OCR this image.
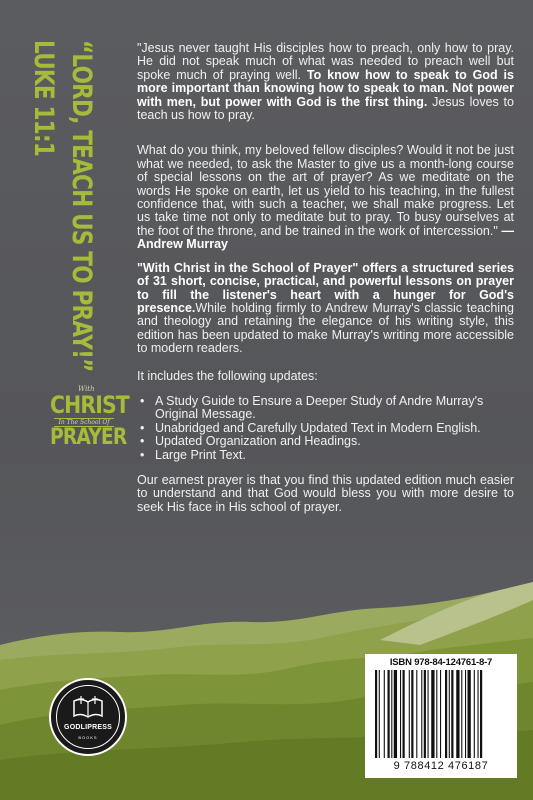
“LORD, TEACH US TO PRAY!”
LUKE 11:1
With
CHRIST
In The School Of
PRAYER

"Jesus never taught His disciples how to preach, only how to pray. He did not speak much of what was needed to preach well but spoke much of praying well. To know how to speak to God is more important than knowing how to speak to man. Not power with men, but power with God is the first thing. Jesus loves to teach us how to pray.

What do you think, my beloved fellow disciples? Would it not be just what we needed, to ask the Master to give us a month-long course of special lessons on the art of prayer? As we meditate on the words He spoke on earth, let us yield to his teaching, in the fullest confidence that, with such a teacher, we shall make progress. Let us take time not only to meditate but to pray. To busy ourselves at the foot of the throne, and be trained in the work of intercession." —Andrew Murray

"With Christ in the School of Prayer" offers a structured series of 31 short, concise, practical, and powerful lessons on prayer to fill the listener's heart with a hunger for God's presence.While holding firmly to Andrew Murray's classic teaching and theology and retaining the elegance of his writing style, this edition has been updated to make Murray's writing more accessible to modern readers.

It includes the following updates:

• A Study Guide to Ensure a Deeper Study of Andre Murray's Original Message.
• Unabridged and Carefully Updated Text in Modern English.
• Updated Organization and Headings.
• Large Print Text.

Our earnest prayer is that you find this updated edition much easier to understand and that God would bless you with more desire to seek His face in His school of prayer.

GODLIPRESS
BOOKS
ISBN 978-84-124761-8-7
9 788412 476187
